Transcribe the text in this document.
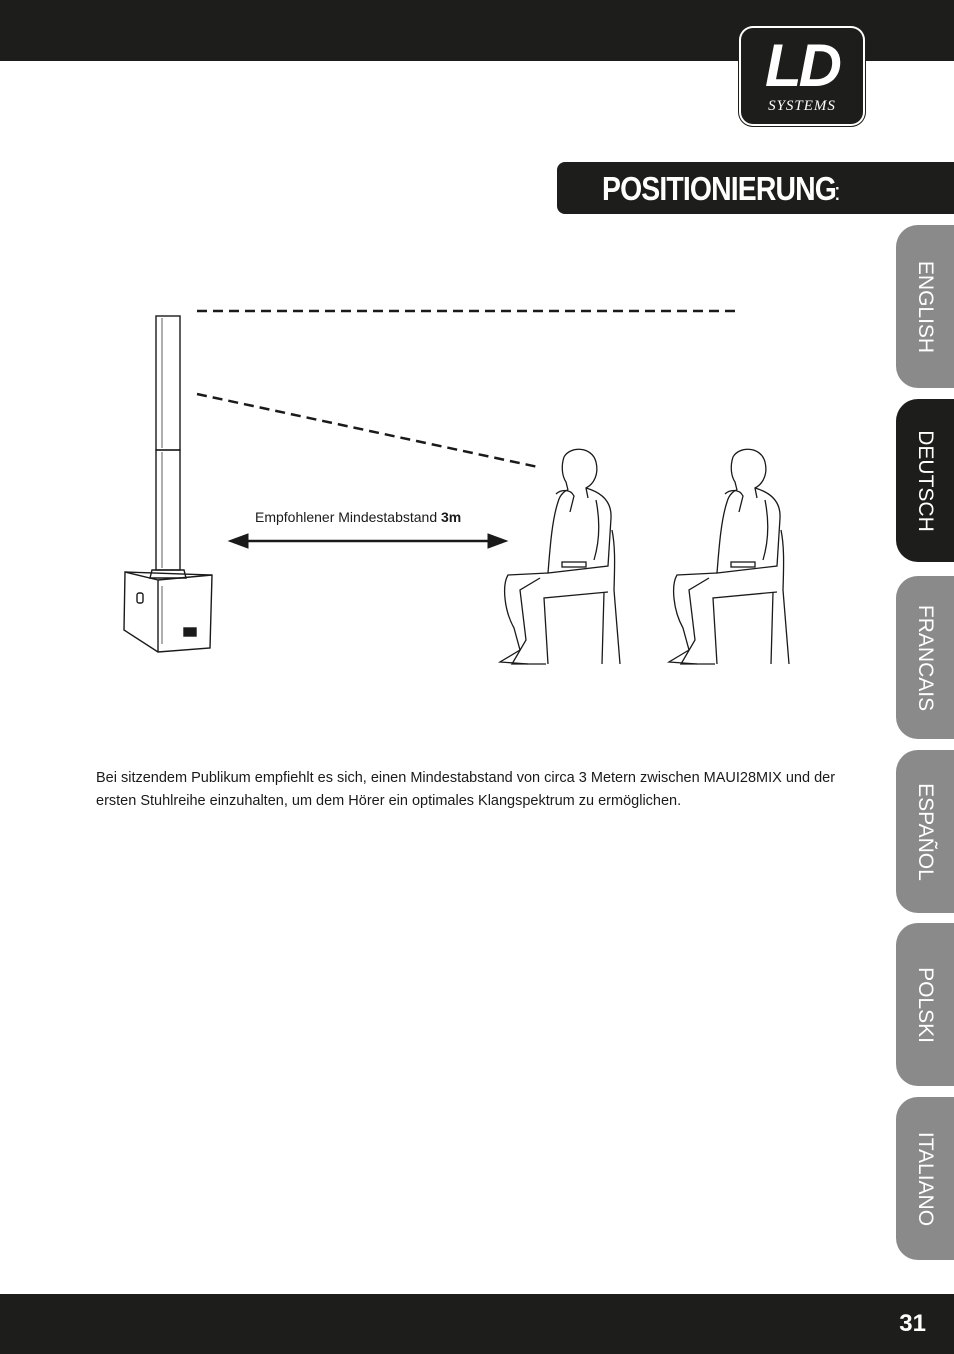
LD
SYSTEMS
POSITIONIERUNG:
ENGLISH
DEUTSCH
FRANCAIS
ESPAÑOL
POLSKI
ITALIANO
Empfohlener Mindestabstand 3m

Bei sitzendem Publikum empfiehlt es sich, einen Mindestabstand von circa 3 Metern zwischen MAUI28MIX und der ersten Stuhlreihe einzuhalten, um dem Hörer ein optimales Klangspektrum zu ermöglichen.

31
